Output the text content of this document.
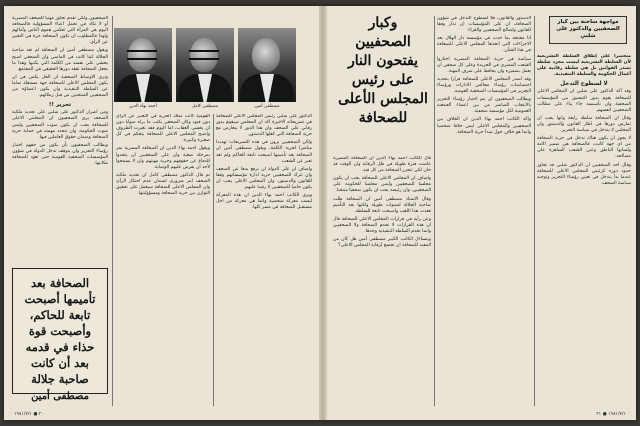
الصحفيون ولكي تقدم تجاوز مهنيا للصحف المصرية أو لا تكاد في تحمل اعباء المسؤولية فالصحافة اليوم هي المرآة التي تعكس هموم الناس وآمالهم ولهذا فالمطلوب ان تكون الصحافة حرة في التعبير عن الرأي.

ويقول مصطفى أمين ان الصحافة لم تعد صاحبة الجلالة كما كانت في الماضي وان الصحفي اصبح يخشى على نفسه من الكلمة التي يكتبها وهذا ما يجعل الصحافة تفقد دورها الحقيقي في المجتمع.

وترى الاوساط الصحفية ان الحل يكمن في ان يكون المجلس الاعلى للصحافة جهة مستقلة تماما عن السلطة التنفيذية وان يكون اعضاؤه من الصحفيين المنتخبين من قبل زملائهم.

تحرير !!

ومن اصرار الدكتور على شلبي على تحديد ملكية الصحف يرى الصحفيون ان المجلس الاعلى للصحافة يجب ان يكون صوت الصحفيين وليس صوت الحكومة، وان تتحدد مهمته في حماية حرية الصحافة وضمان حقوق العاملين فيها.

ويطالب الصحفيون بأن يكون من حقهم اختيار رؤساء التحرير وان يتوقف تدخل الدولة في شؤون المؤسسات الصحفية القومية حتى تعود للصحافة مكانتها.

الصحافة بعد تأميمها أصبحت تابعة للحاكم، وأصبحت قوة حذاء في قدمه بعد أن كانت صاحبة جلالة
مصطفى أمين
أحمد بهاء الدين	مصطفى كامل	مصطفى أمين

القومية كانت تملك الحرية في التعبير عن الرأي دون قيود وكان الصحفي يكتب ما يراه صوابا دون ان يخشى العقاب، اما اليوم فقد تغيرت الظروف واصبح المجلس الاعلى للصحافة يتحكم في كل صغيرة وكبيرة.

ويقول احمد بهاء الدين ان الصحافة المصرية تمر بمرحلة صعبة وان على الصحفيين ان يتحدوا للدفاع عن حقوقهم وحرية مهنتهم وان لا يسمحوا لأحد ان يفرض عليهم الوصاية.

ثم قال الدكتور مصطفى كامل ان تحديد ملكية الصحف امر ضروري لضمان عدم احتكار الرأي وان المجلس الاعلى للصحافة سيعمل على تحقيق التوازن بين حرية الصحافة ومسؤوليتها.

الدكتور على شلبي رئيس المجلس الاعلى للصحافة في تصريحاته الاخيرة اكد ان المجلس سيقوم بدور رقابي على الصحف وان هذا الدور لا يتعارض مع حرية الصحافة التي كفلها الدستور.

ولكن الصحفيين يرون في هذه التصريحات تهديدا مباشرا لحرية الكلمة، ويقول مصطفى أمين ان الصحافة بعد تأميمها اصبحت تابعة للحاكم ولم تعد تعبر عن الشعب.

واضاف ان على الدولة ان ترفع يدها عن الصحف وان تترك للصحفيين حرية ادارة مؤسساتهم وفقا للقانون والدستور، وان المجلس الاعلى يجب ان يكون حاميا للصحفيين لا رقيبا عليهم.

ويرى الكاتب احمد بهاء الدين ان هذه المعركة ليست معركة شخصية وانما هي معركة من اجل مستقبل الصحافة في مصر كلها.

٢٠ ● ١٩٨١/٧/١

قال الكاتب احمد بهاء الدين ان الصحافة المصرية عاشت فترة طويلة في ظل الرقابة وان الوقت قد حان لكي تتحرر الصحافة من كل قيد.

واضاف ان المجلس الاعلى للصحافة يجب ان يكون مجلسا للصحفيين وليس مجلسا للحكومة على الصحفيين، وان رئيسه يجب ان يكون صحفيا منتخبا.

وقال الاستاذ مصطفى أمين ان الصحافة ظلت صاحبة الجلالة لسنوات طويلة ولكنها بعد التأميم فقدت هذا اللقب واصبحت تابعة للسلطة.

وعن رأيه في قرارات المجلس الاعلى للصحافة قال ان هذه القرارات لا تخدم الصحافة ولا الصحفيين وانما تخدم السلطة التنفيذية وحدها.

ويتساءل الكاتب الكبير مصطفى أمين هل كان من المفيد للصحافة ان تخضع لرقابة المجلس الاعلى؟

وكبار
الصحفيين
يفتحون النار
على رئيس
المجلس الأعلى
للصحافة

الدستور والقانون، فلا لسطوح التدخل في شؤون الصحافة، ان على المؤسسات ان تدار وفقا للقانون ولصالح الصحفيين والقراء.

انا مقتنعة بما حدث في مؤسسة دار الهلال بعد الاجراءات التي اتخذها المجلس الاعلى للصحافة في هذا الشأن.

سياسة في حرية الصحافة المصرية اختاروا الشعب المصري في الجريدة وعلى كل صحفي ان يعمل بضميره وان يحافظ على شرف المهنة.

وقد اصدر المجلس الاعلى للصحافة قرارا بتحديد اختصاصات رؤساء مجالس الادارات ورؤساء التحرير في المؤسسات الصحفية القومية.

ويطالب الصحفيون ان يتم اختيار رؤساء التحرير بالانتخاب المباشر من بين اعضاء الجمعية العمومية لكل مؤسسة صحفية.

واكد الكاتب احمد بهاء الدين ان الخلاف بين الصحفيين والمجلس الاعلى ليس خلافا شخصيا وانما هو خلاف حول مبدأ حرية الصحافة.

مواجهة ساخنة بين كبار الصحفيين والدكتور على شلبي

منحصرا على إطلاق السلطة التشريعية لأن السلطة التشريعية ليست مجرد سلطة تصدر القوانين بل هي سلطة رقابية على أعمال الحكومة والسلطة التنفيذية.

لا لسطوح التدخل

وقد أكد الدكتور على شلبي ان المجلس الاعلى للصحافة يقوم بدور التنسيق بين المؤسسات الصحفية وان تأسيسه جاء بناء على مطالب الصحفيين انفسهم.

وقال ان الصحافة سلطة رابعة وانها يجب ان تمارس دورها في اطار القانون والدستور وان المجلس لا يتدخل في سياسة التحرير.

لا يجوز ان يكون هناك تدخل في حرية الصحافة من اي جهة كانت، فالصحافة هي ضمير الامة ولسانها الناطق وعين الشعب الساهرة على مصالحه.

وقال احد الصحفيين ان الدكتور شلبي قد تجاوز حدود دوره كرئيس للمجلس الاعلى للصحافة عندما بدأ يتدخل في تعيين رؤساء التحرير وتوجيه سياسة الصحف.

١٩٨١/٧/١ ● ٢١
